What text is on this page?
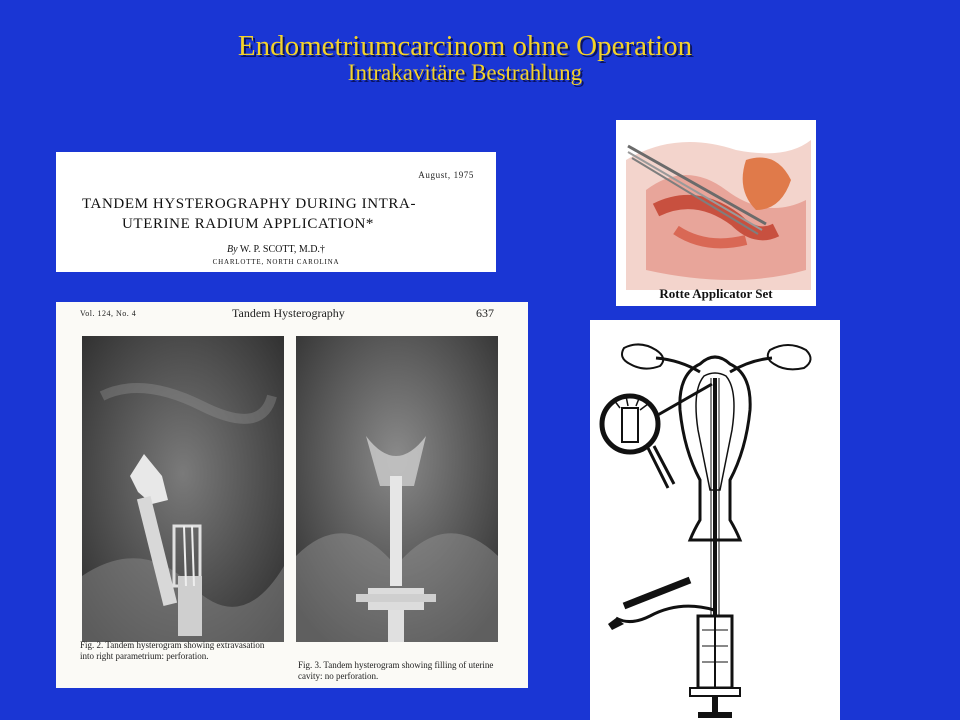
Endometriumcarcinom ohne Operation
Intrakavitäre Bestrahlung
August, 1975
TANDEM HYSTEROGRAPHY DURING INTRA-
UTERINE RADIUM APPLICATION*
By W. P. SCOTT, M.D.†
CHARLOTTE, NORTH CAROLINA
Vol. 124, No. 4	Tandem Hysterography	637
Fig. 2. Tandem hysterogram showing extravasation into right parametrium: perforation.
Fig. 3. Tandem hysterogram showing filling of uterine cavity: no perforation.
Rotte Applicator Set
